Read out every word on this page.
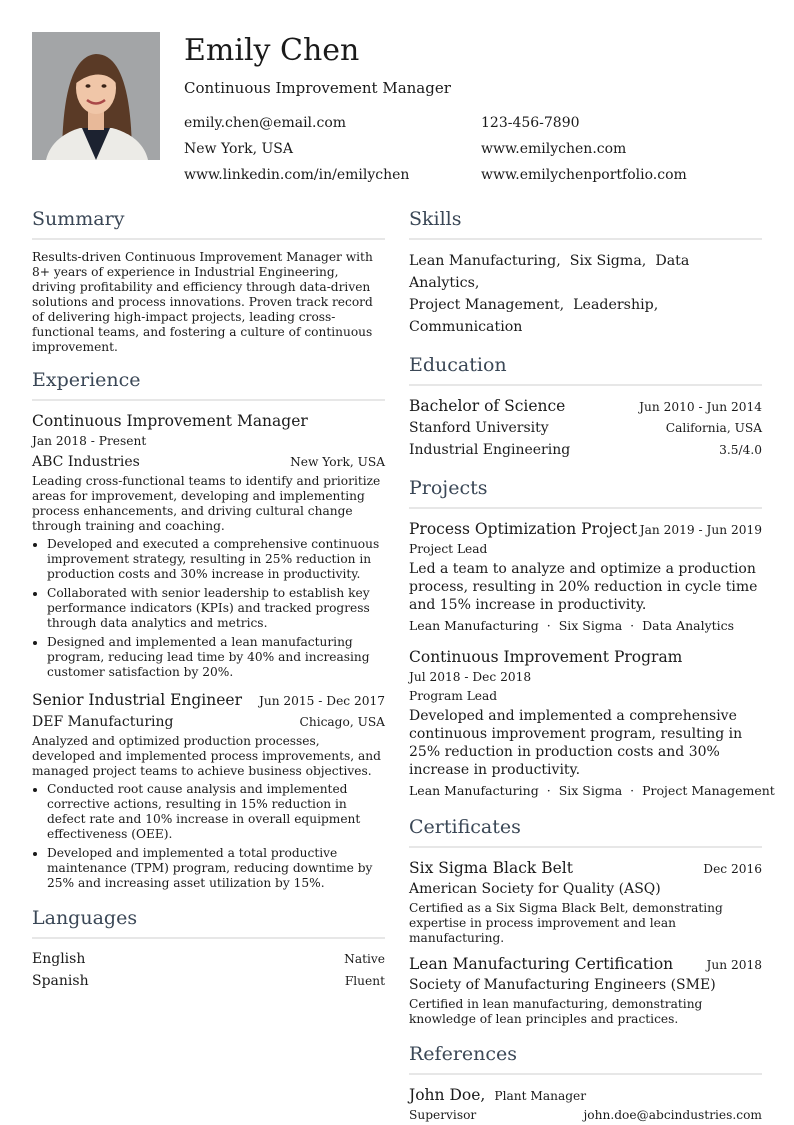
Emily Chen
Continuous Improvement Manager
emily.chen@email.com	123-456-7890
New York, USA	www.emilychen.com
www.linkedin.com/in/emilychen	www.emilychenportfolio.com
Summary

Results-driven Continuous Improvement Manager with 8+ years of experience in Industrial Engineering, driving profitability and efficiency through data-driven solutions and process innovations. Proven track record of delivering high-impact projects, leading cross-functional teams, and fostering a culture of continuous improvement.

Experience
Continuous Improvement Manager
Jan 2018 - Present
ABC Industries	New York, USA

Leading cross-functional teams to identify and prioritize areas for improvement, developing and implementing process enhancements, and driving cultural change through training and coaching.

• Developed and executed a comprehensive continuous improvement strategy, resulting in 25% reduction in production costs and 30% increase in productivity.
• Collaborated with senior leadership to establish key performance indicators (KPIs) and tracked progress through data analytics and metrics.
• Designed and implemented a lean manufacturing program, reducing lead time by 40% and increasing customer satisfaction by 20%.
Senior Industrial Engineer Jun 2015 - Dec 2017
DEF Manufacturing	Chicago, USA

Analyzed and optimized production processes, developed and implemented process improvements, and managed project teams to achieve business objectives.

• Conducted root cause analysis and implemented corrective actions, resulting in 15% reduction in defect rate and 10% increase in overall equipment effectiveness (OEE).
• Developed and implemented a total productive maintenance (TPM) program, reducing downtime by 25% and increasing asset utilization by 15%.
Languages
English	Native
Spanish	Fluent
Skills
Lean Manufacturing, Six Sigma, Data Analytics,
Project Management, Leadership,  Communication
Education
Bachelor of Science	Jun 2010 - Jun 2014
Stanford University	California, USA
Industrial Engineering	3.5/4.0
Projects
Process Optimization Project Jan 2019 - Jun 2019
Project Lead

Led a team to analyze and optimize a production process, resulting in 20% reduction in cycle time and 15% increase in productivity.

Lean Manufacturing · Six Sigma · Data Analytics
Continuous Improvement Program
Jul 2018 - Dec 2018
Program Lead

Developed and implemented a comprehensive continuous improvement program, resulting in 25% reduction in production costs and 30% increase in productivity.

Lean Manufacturing · Six Sigma · Project Management
Certificates
Six Sigma Black Belt	Dec 2016
American Society for Quality (ASQ)

Certified as a Six Sigma Black Belt, demonstrating expertise in process improvement and lean manufacturing.

Lean Manufacturing Certification	Jun 2018
Society of Manufacturing Engineers (SME)

Certified in lean manufacturing, demonstrating knowledge of lean principles and practices.

References
John Doe, Plant Manager
Supervisor	john.doe@abcindustries.com
